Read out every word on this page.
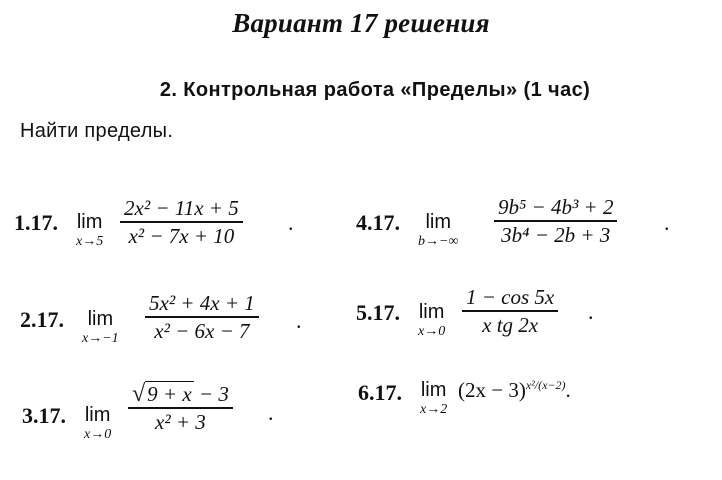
Вариант 17 решения
2. Контрольная работа «Пределы» (1 час)
Найти пределы.
1.17. lim
x→5
2x² − 11x + 5
x² − 7x + 10
.
2.17. lim
x→−1
5x² + 4x + 1
x² − 6x − 7	.
3.17. lim
x→0
√9 + x − 3
x² + 3	.
4.17.	lim
b→−∞
9b⁵ − 4b³ + 2
3b⁴ − 2b + 3	.
5.17. lim
x→0
1 − cos 5x
x tg 2x
.
6.17. lim
x→2
$(2x - 3)^{x^2/(x-2)}$.
